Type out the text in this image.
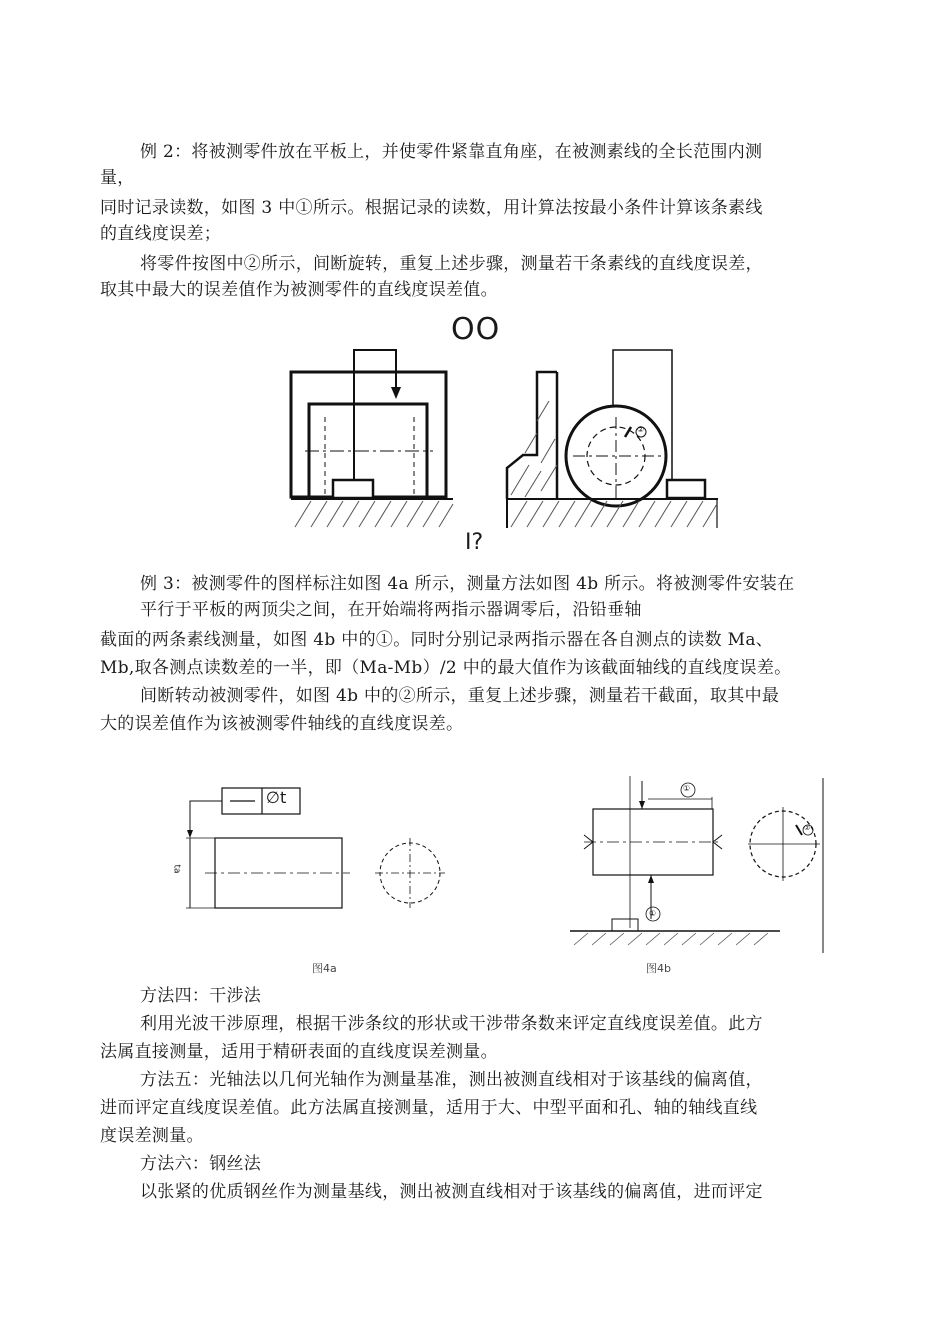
例 2：将被测零件放在平板上，并使零件紧靠直角座，在被测素线的全长范围内测
量，
同时记录读数，如图 3 中①所示。根据记录的读数，用计算法按最小条件计算该条素线
的直线度误差；
将零件按图中②所示，间断旋转，重复上述步骤，测量若干条素线的直线度误差，
取其中最大的误差值作为被测零件的直线度误差值。
OO
②
I?
例 3：被测零件的图样标注如图 4a 所示，测量方法如图 4b 所示。将被测零件安装在
平行于平板的两顶尖之间，在开始端将两指示器调零后，沿铅垂轴
截面的两条素线测量，如图 4b 中的①。同时分别记录两指示器在各自测点的读数 Ma、
Mb,取各测点读数差的一半，即（Ma-Mb）/2 中的最大值作为该截面轴线的直线度误差。
间断转动被测零件，如图 4b 中的②所示，重复上述步骤，测量若干截面，取其中最
大的误差值作为该被测零件轴线的直线度误差。
∅t
ta
图4a
①
②
①
图4b
方法四：干涉法
利用光波干涉原理，根据干涉条纹的形状或干涉带条数来评定直线度误差值。此方
法属直接测量，适用于精研表面的直线度误差测量。
方法五：光轴法以几何光轴作为测量基准，测出被测直线相对于该基线的偏离值，
进而评定直线度误差值。此方法属直接测量，适用于大、中型平面和孔、轴的轴线直线
度误差测量。
方法六：钢丝法
以张紧的优质钢丝作为测量基线，测出被测直线相对于该基线的偏离值，进而评定
